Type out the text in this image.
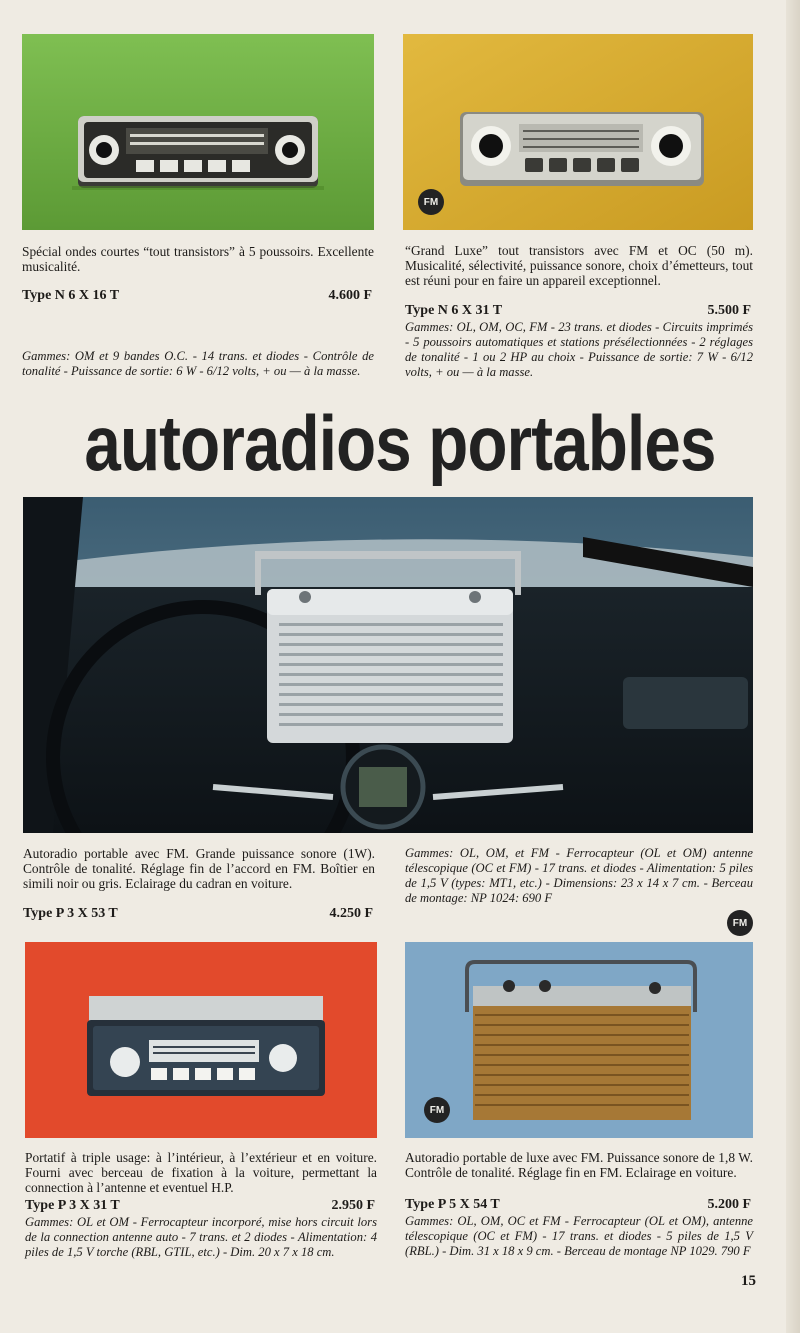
FM
Spécial ondes courtes “tout transistors” à 5 poussoirs. Excellente musicalité.
Type N 6 X 16 T	4.600 F
Gammes: OM et 9 bandes O.C. - 14 trans. et diodes - Contrôle de tonalité - Puissance de sortie: 6 W - 6/12 volts, + ou — à la masse.
“Grand Luxe” tout transistors avec FM et OC (50 m). Musicalité, sélectivité, puissance sonore, choix d’émetteurs, tout est réuni pour en faire un appareil exceptionnel.
Type N 6 X 31 T	5.500 F
Gammes: OL, OM, OC, FM - 23 trans. et diodes - Circuits imprimés - 5 poussoirs automatiques et stations présélectionnées - 2 réglages de tonalité - 1 ou 2 HP au choix - Puissance de sortie: 7 W - 6/12 volts, + ou — à la masse.
autoradios portables
Autoradio portable avec FM. Grande puissance sonore (1W). Contrôle de tonalité. Réglage fin de l’accord en FM. Boîtier en simili noir ou gris. Eclairage du cadran en voiture.
Type P 3 X 53 T	4.250 F
Gammes: OL, OM, et FM - Ferrocapteur (OL et OM) antenne télescopique (OC et FM) - 17 trans. et diodes - Alimentation: 5 piles de 1,5 V (types: MT1, etc.) - Dimensions: 23 x 14 x 7 cm. - Berceau de montage: NP 1024: 690 F
FM
FM
Portatif à triple usage: à l’intérieur, à l’extérieur et en voiture. Fourni avec berceau de fixation à la voiture, permettant la connection à l’antenne et eventuel H.P.
Type P 3 X 31 T	2.950 F
Gammes: OL et OM - Ferrocapteur incorporé, mise hors circuit lors de la connection antenne auto - 7 trans. et 2 diodes - Alimentation: 4 piles de 1,5 V torche (RBL, GTIL, etc.) - Dim. 20 x 7 x 18 cm.
Autoradio portable de luxe avec FM. Puissance sonore de 1,8 W. Contrôle de tonalité. Réglage fin en FM. Eclairage en voiture.
Type P 5 X 54 T	5.200 F
Gammes: OL, OM, OC et FM - Ferrocapteur (OL et OM), antenne télescopique (OC et FM) - 17 trans. et diodes - 5 piles de 1,5 V (RBL.) - Dim. 31 x 18 x 9 cm. - Berceau de montage NP 1029. 790 F
15
